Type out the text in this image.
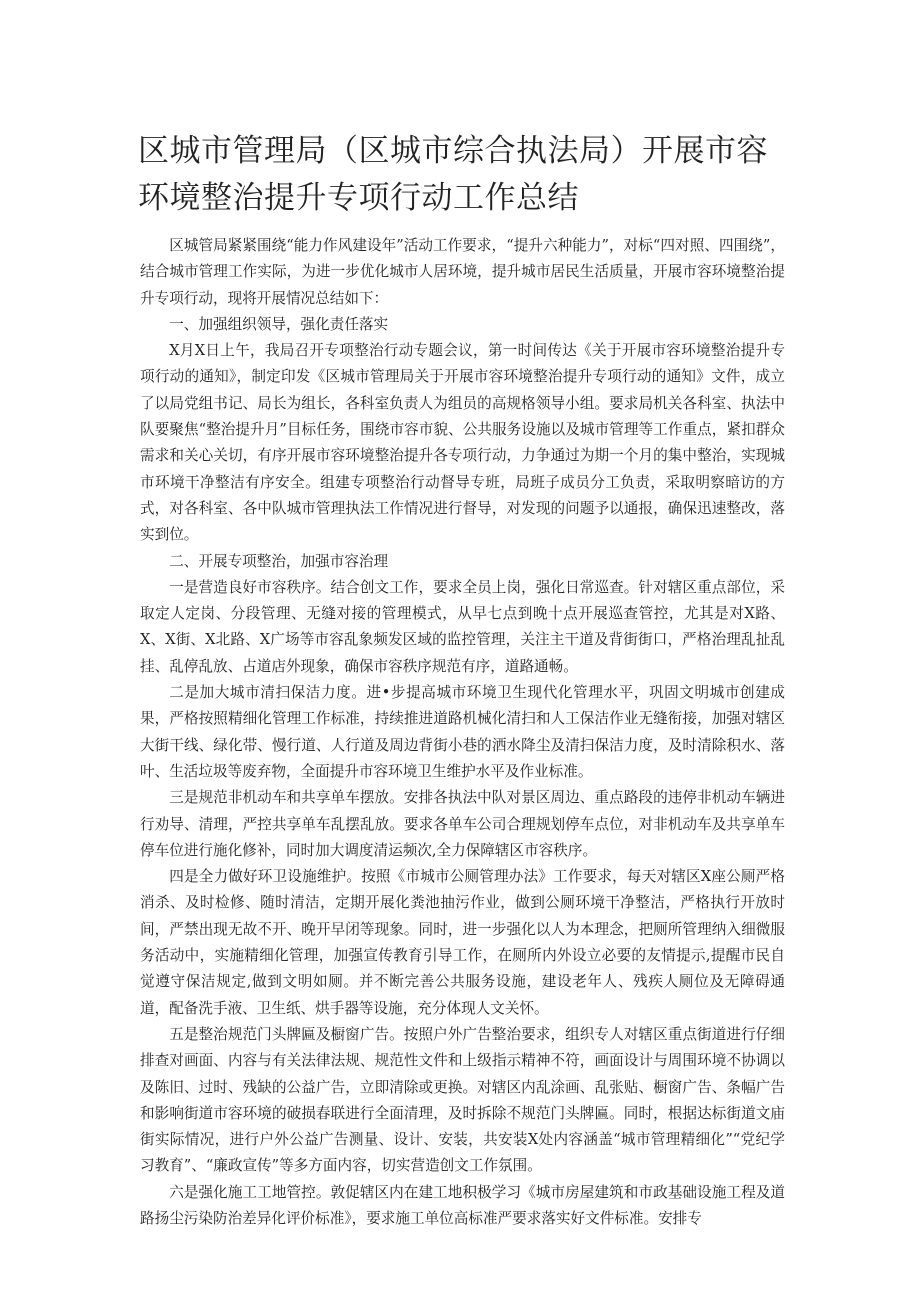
区城市管理局（区城市综合执法局）开展市容环境整治提升专项行动工作总结

区城管局紧紧围绕“能力作风建设年”活动工作要求，“提升六种能力”，对标“四对照、四围绕”，结合城市管理工作实际，为进一步优化城市人居环境，提升城市居民生活质量，开展市容环境整治提升专项行动，现将开展情况总结如下：

一、加强组织领导，强化责任落实

X月X日上午，我局召开专项整治行动专题会议，第一时间传达《关于开展市容环境整治提升专项行动的通知》，制定印发《区城市管理局关于开展市容环境整治提升专项行动的通知》文件，成立了以局党组书记、局长为组长，各科室负责人为组员的高规格领导小组。要求局机关各科室、执法中队要聚焦“整治提升月”目标任务，围绕市容市貌、公共服务设施以及城市管理等工作重点，紧扣群众需求和关心关切，有序开展市容环境整治提升各专项行动，力争通过为期一个月的集中整治，实现城市环境干净整洁有序安全。组建专项整治行动督导专班，局班子成员分工负责，采取明察暗访的方式，对各科室、各中队城市管理执法工作情况进行督导，对发现的问题予以通报，确保迅速整改，落实到位。

二、开展专项整治，加强市容治理

一是营造良好市容秩序。结合创文工作，要求全员上岗，强化日常巡查。针对辖区重点部位，采取定人定岗、分段管理、无缝对接的管理模式，从早七点到晚十点开展巡查管控，尤其是对X路、X、X街、X北路、X广场等市容乱象频发区域的监控管理，关注主干道及背街街口，严格治理乱扯乱挂、乱停乱放、占道店外现象，确保市容秩序规范有序，道路通畅。

二是加大城市清扫保洁力度。进•步提高城市环境卫生现代化管理水平，巩固文明城市创建成果，严格按照精细化管理工作标准，持续推进道路机械化清扫和人工保洁作业无缝衔接，加强对辖区大街干线、绿化带、慢行道、人行道及周边背街小巷的洒水降尘及清扫保洁力度，及时清除积水、落叶、生活垃圾等废弃物，全面提升市容环境卫生维护水平及作业标准。

三是规范非机动车和共享单车摆放。安排各执法中队对景区周边、重点路段的违停非机动车辆进行劝导、清理，严控共享单车乱摆乱放。要求各单车公司合理规划停车点位，对非机动车及共享单车停车位进行施化修补，同时加大调度清运频次,全力保障辖区市容秩序。

四是全力做好环卫设施维护。按照《市城市公厕管理办法》工作要求，每天对辖区X座公厕严格消杀、及时检修、随时清洁，定期开展化粪池抽污作业，做到公厕环境干净整洁，严格执行开放时间，严禁出现无故不开、晚开早闭等现象。同时，进一步强化以人为本理念，把厕所管理纳入细微服务活动中，实施精细化管理，加强宣传教育引导工作，在厕所内外设立必要的友情提示,提醒市民自觉遵守保洁规定,做到文明如厕。并不断完善公共服务设施，建设老年人、残疾人厕位及无障碍通道，配备洗手液、卫生纸、烘手器等设施，充分体现人文关怀。

五是整治规范门头牌匾及橱窗广告。按照户外广告整治要求，组织专人对辖区重点街道进行仔细排查对画面、内容与有关法律法规、规范性文件和上级指示精神不符，画面设计与周围环境不协调以及陈旧、过时、残缺的公益广告，立即清除或更换。对辖区内乱涂画、乱张贴、橱窗广告、条幅广告和影响街道市容环境的破损春联进行全面清理，及时拆除不规范门头牌匾。同时，根据达标街道文庙街实际情况，进行户外公益广告测量、设计、安装，共安装X处内容涵盖“城市管理精细化”“党纪学习教育”、“廉政宣传”等多方面内容，切实营造创文工作氛围。

六是强化施工工地管控。敦促辖区内在建工地积极学习《城市房屋建筑和市政基础设施工程及道路扬尘污染防治差异化评价标准》，要求施工单位高标准严要求落实好文件标准。安排专
